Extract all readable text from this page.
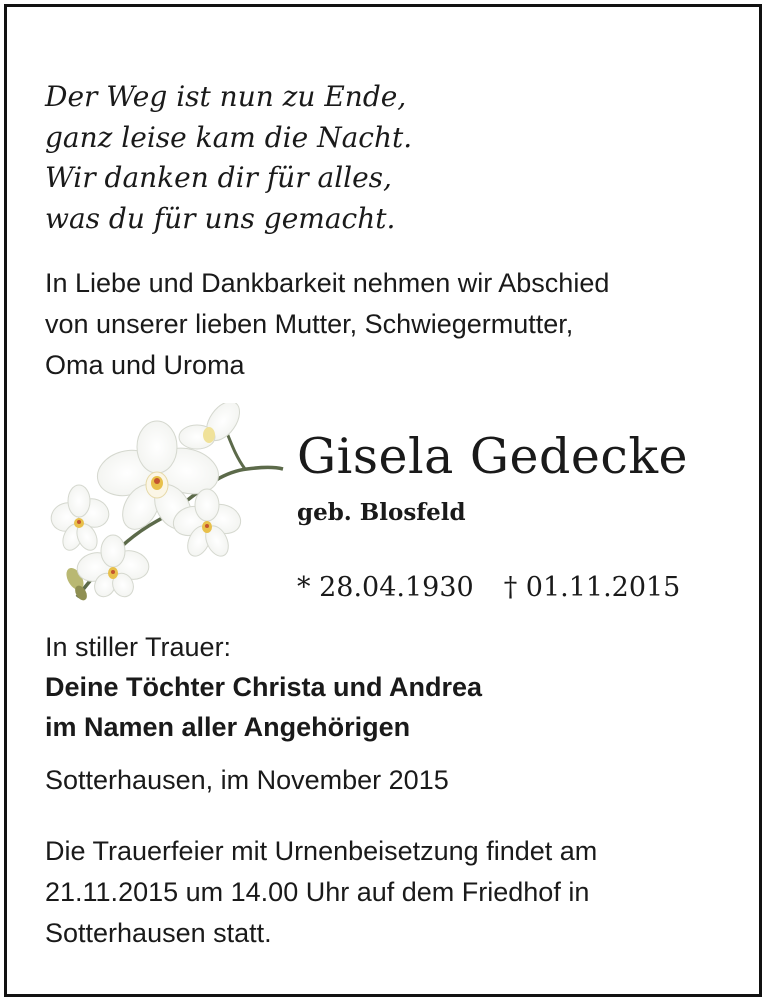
Der Weg ist nun zu Ende,
ganz leise kam die Nacht.
Wir danken dir für alles,
was du für uns gemacht.
In Liebe und Dankbarkeit nehmen wir Abschied
von unserer lieben Mutter, Schwiegermutter,
Oma und Uroma
Gisela Gedecke
geb. Blosfeld
* 28.04.1930 † 01.11.2015
In stiller Trauer:
Deine Töchter Christa und Andrea
im Namen aller Angehörigen
Sotterhausen, im November 2015
Die Trauerfeier mit Urnenbeisetzung findet am
21.11.2015 um 14.00 Uhr auf dem Friedhof in
Sotterhausen statt.
